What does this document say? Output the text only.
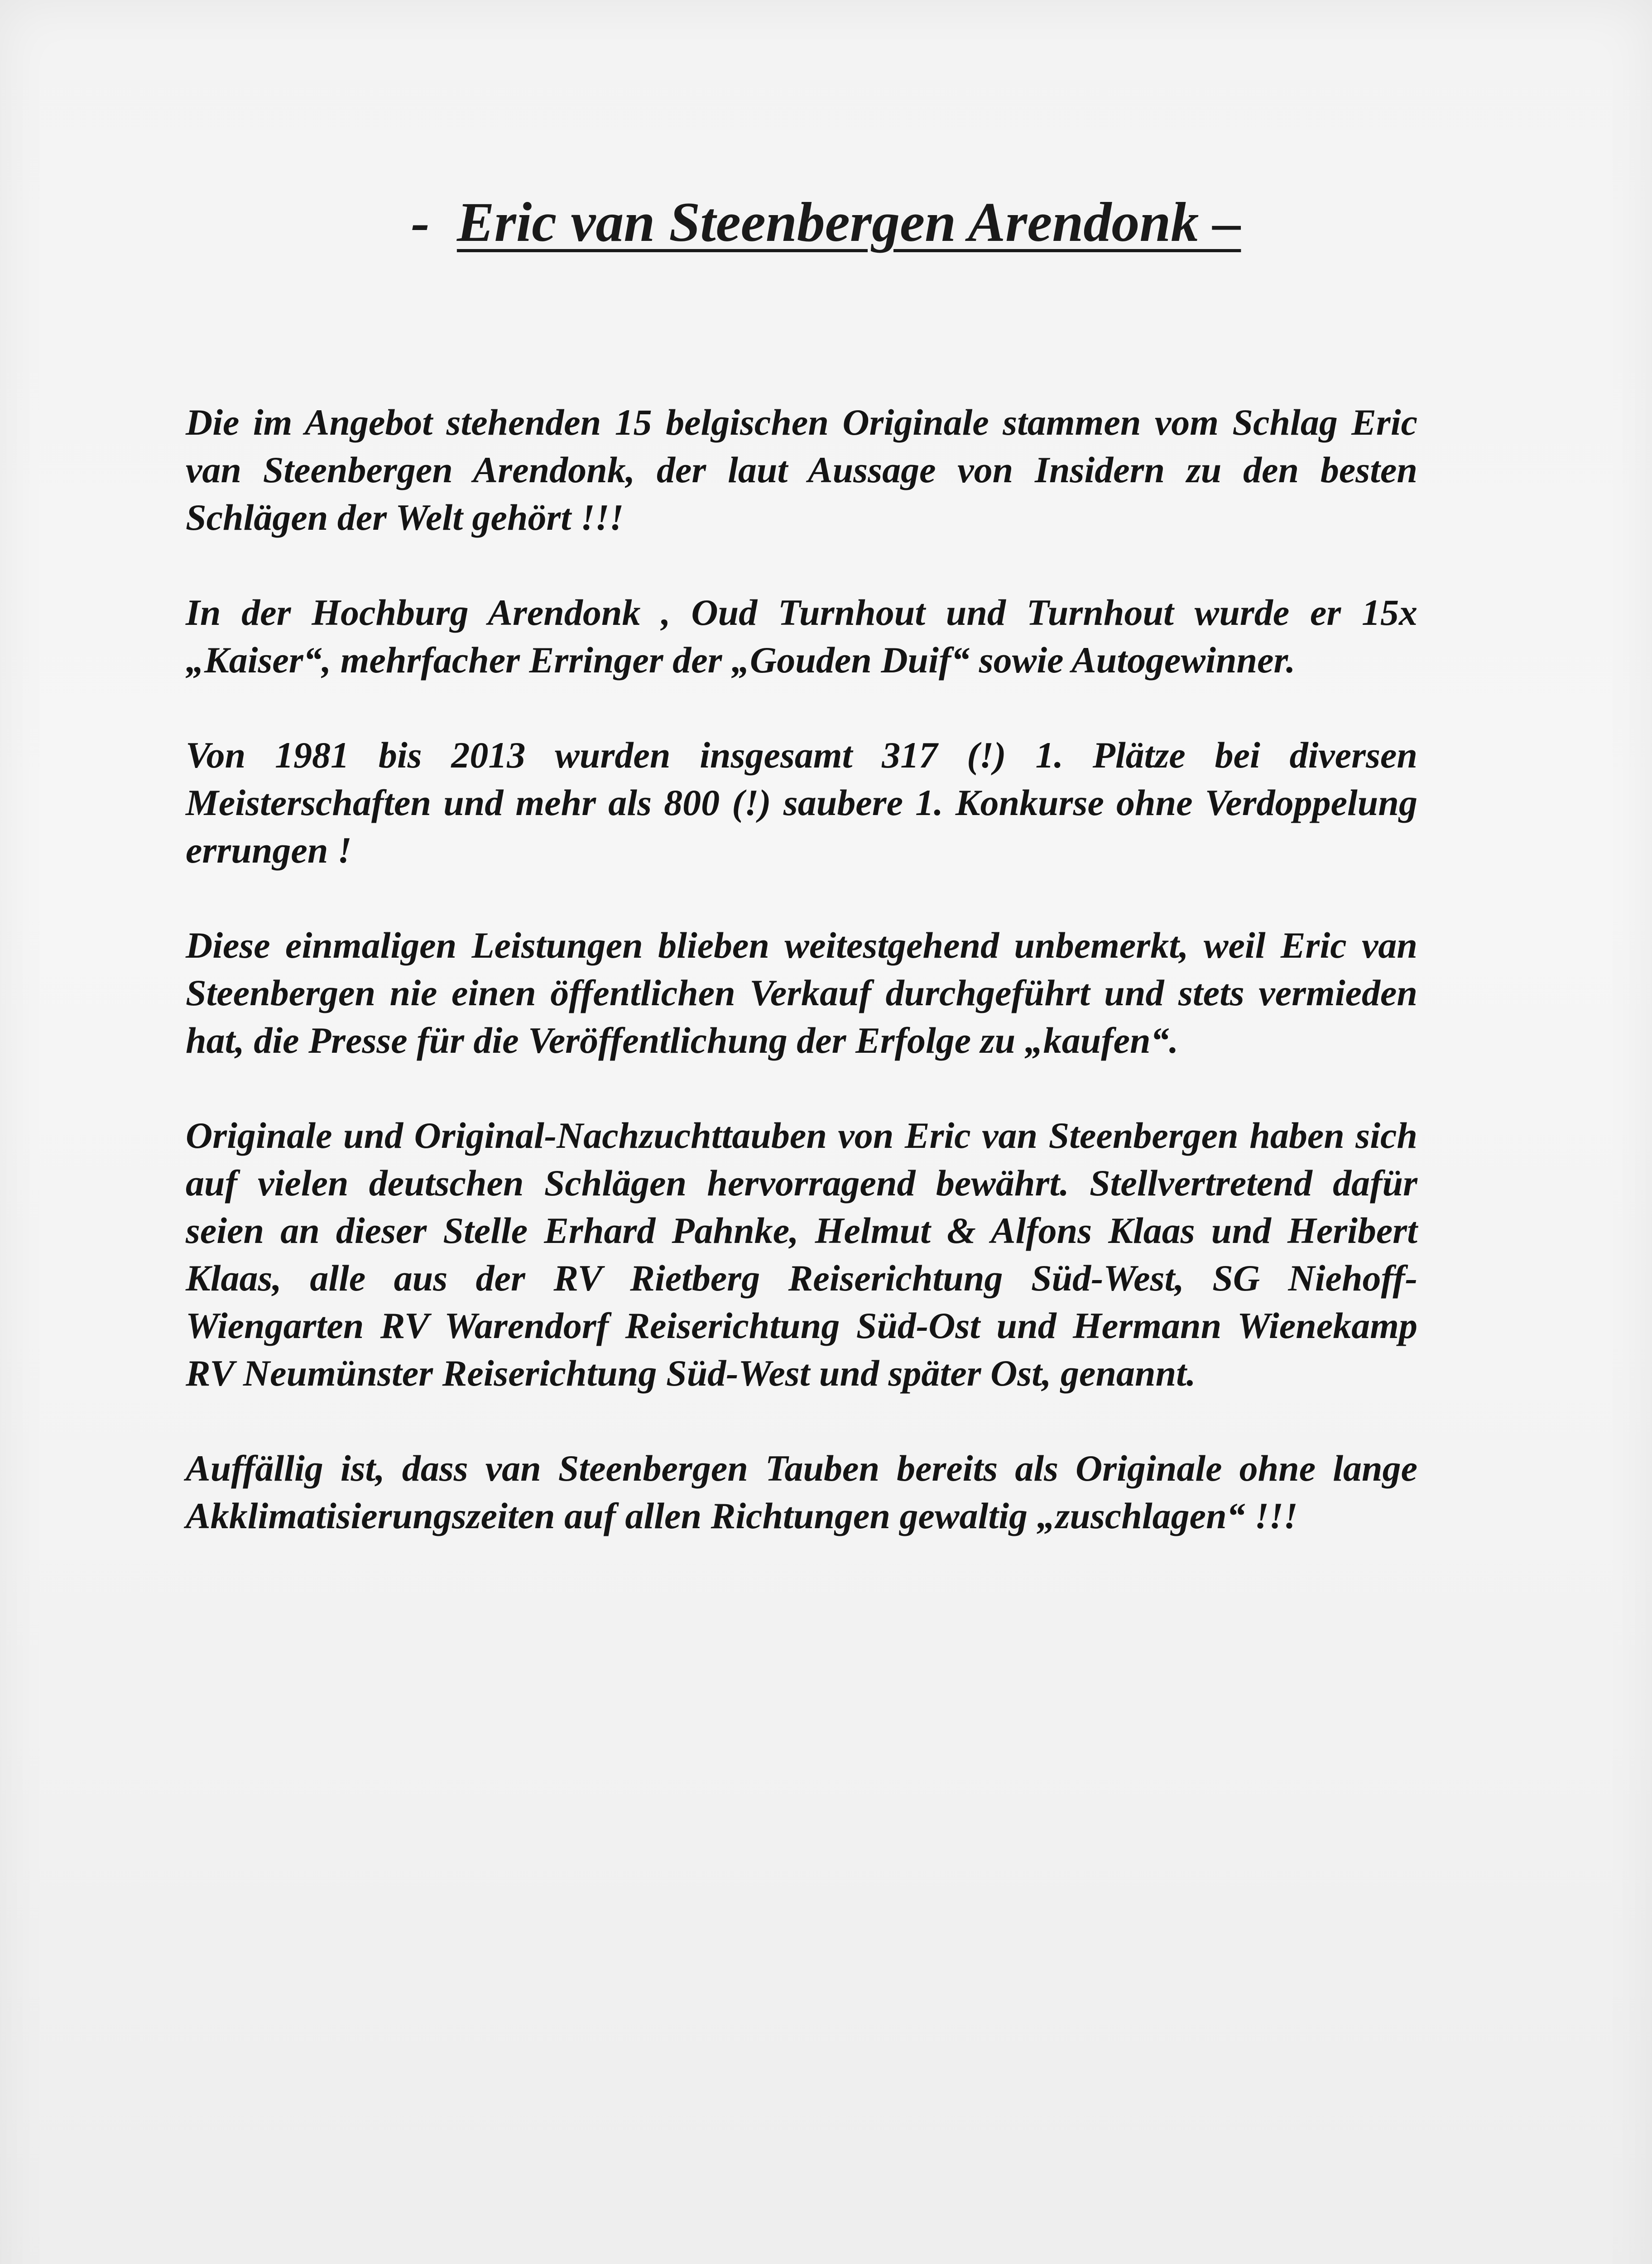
- Eric van Steenbergen Arendonk –

Die im Angebot stehenden 15 belgischen Originale stammen vom Schlag Eric van Steenbergen Arendonk, der laut Aussage von Insidern zu den besten Schlägen der Welt gehört !!!

In der Hochburg Arendonk , Oud Turnhout und Turnhout wurde er 15x „Kaiser“, mehrfacher Erringer der „Gouden Duif“ sowie Autogewinner.

Von 1981 bis 2013 wurden insgesamt 317 (!) 1. Plätze bei diversen Meisterschaften und mehr als 800 (!) saubere 1. Konkurse ohne Verdoppelung errungen !

Diese einmaligen Leistungen blieben weitestgehend unbemerkt, weil Eric van Steenbergen nie einen öffentlichen Verkauf durchgeführt und stets vermieden hat, die Presse für die Veröffentlichung der Erfolge zu „kaufen“.

Originale und Original-Nachzuchttauben von Eric van Steenbergen haben sich auf vielen deutschen Schlägen hervorragend bewährt. Stellvertretend dafür seien an dieser Stelle Erhard Pahnke, Helmut & Alfons Klaas und Heribert Klaas, alle aus der RV Rietberg Reiserichtung Süd-West, SG Niehoff-Wiengarten RV Warendorf Reiserichtung Süd-Ost und Hermann Wienekamp RV Neumünster Reiserichtung Süd-West und später Ost, genannt.

Auffällig ist, dass van Steenbergen Tauben bereits als Originale ohne lange Akklimatisierungszeiten auf allen Richtungen gewaltig „zuschlagen“ !!!
